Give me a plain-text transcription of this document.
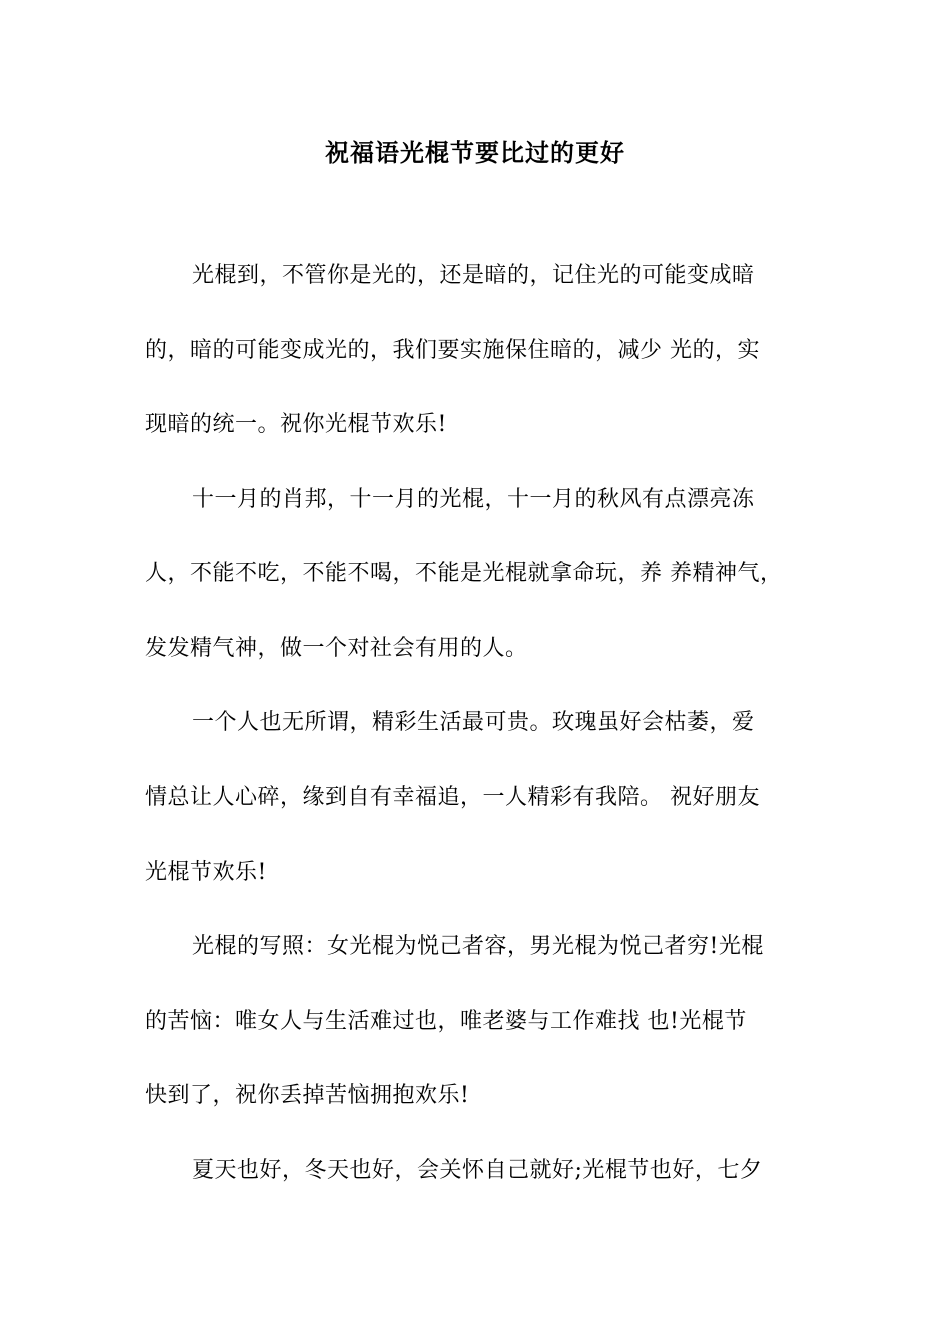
祝福语光棍节要比过的更好
光棍到，不管你是光的，还是暗的，记住光的可能变成暗
的，暗的可能变成光的，我们要实施保住暗的，减少 光的，实
现暗的统一。祝你光棍节欢乐!
十一月的肖邦，十一月的光棍，十一月的秋风有点漂亮冻
人，不能不吃，不能不喝，不能是光棍就拿命玩，养 养精神气，
发发精气神，做一个对社会有用的人。
一个人也无所谓，精彩生活最可贵。玫瑰虽好会枯萎，爱
情总让人心碎，缘到自有幸福追，一人精彩有我陪。 祝好朋友
光棍节欢乐!
光棍的写照：女光棍为悦己者容，男光棍为悦己者穷!光棍
的苦恼：唯女人与生活难过也，唯老婆与工作难找 也!光棍节
快到了，祝你丢掉苦恼拥抱欢乐!
夏天也好，冬天也好，会关怀自己就好;光棍节也好，七夕
